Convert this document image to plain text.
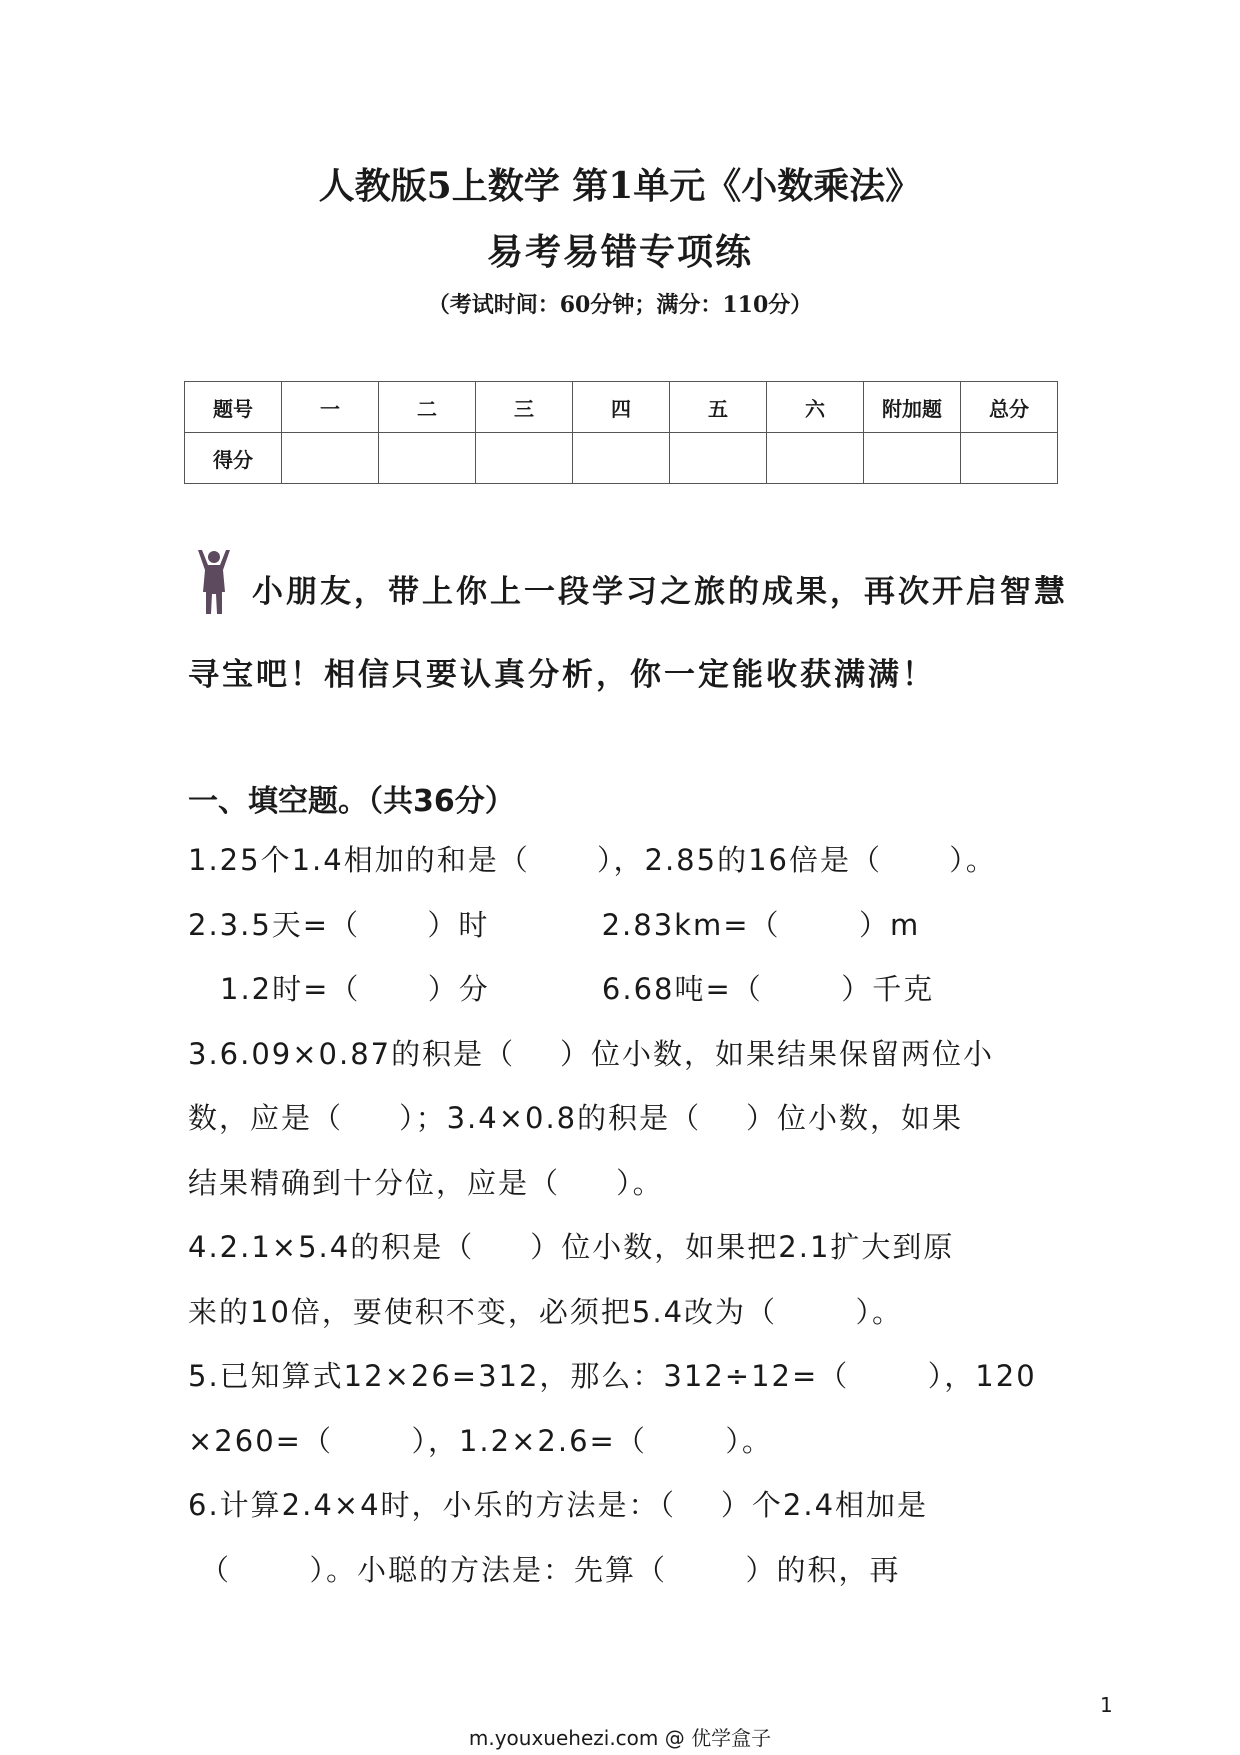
人教版5上数学 第1单元《小数乘法》
易考易错专项练
（考试时间：60分钟；满分：110分）
题号	一	二	三	四	五	六	附加题	总分
得分								
小朋友，带上你上一段学习之旅的成果，再次开启智慧
寻宝吧！相信只要认真分析，你一定能收获满满！
一、填空题。（共36分）
1.25个1.4相加的和是（      ），2.85的16倍是（      ）。
2.3.5天=（      ）时          2.83km=（       ）m
1.2时=（      ）分          6.68吨=（       ）千克
3.6.09×0.87的积是（    ）位小数，如果结果保留两位小
数，应是（     ）；3.4×0.8的积是（    ）位小数，如果
结果精确到十分位，应是（     ）。
4.2.1×5.4的积是（     ）位小数，如果把2.1扩大到原
来的10倍，要使积不变，必须把5.4改为（       ）。
5.已知算式12×26=312，那么：312÷12=（       ），120
×260=（       ），1.2×2.6=（       ）。
6.计算2.4×4时，小乐的方法是：（    ）个2.4相加是
（       ）。小聪的方法是：先算（       ）的积，再
1
m.youxuehezi.com @ 优学盒子
